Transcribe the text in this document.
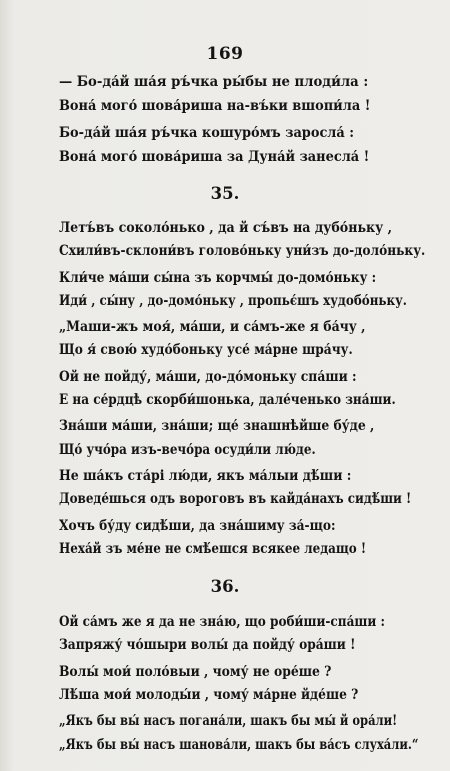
169
— Бо-да́й ша́я ръ́чка ры́бы не плоди́ла :
Вона́ мого́ шова́риша на-въ́ки вшопи́ла !
Бо-да́й ша́я ръ́чка кошуро́мъ заросла́ :
Вона́ мого́ шова́риша за Дуна́й занесла́ !
35.
Летъ́въ соколо́нько , да й съ́въ на дубо́ньку ,
Схили́въ-склони́въ голово́ньку уни́зъ до-доло́ньку.
Кли́че ма́ши сы́на зъ корчмы́ до-домо́ньку :
Иди́ , сы́ну , до-домо́ньку , пропьє́шъ худобо́ньку.
„Маши-жъ моя́, ма́ши, и са́мъ-же я ба́чу ,
Що я́ свою́ худо́боньку усе́ ма́рне шра́чу.
Ой не пойду́, ма́ши, до-до́моньку спа́ши :
Е на се́рдцѣ скорби́шонька, дале́ченько зна́ши.
Зна́ши ма́ши, зна́ши; ще́ знашнѣйше бу́де ,
Що́ учо́ра изъ-вечо́ра осуди́ли лю́де.
Не ша́къ ста́рі лю́ди, якъ ма́лыи дѣ́ши :
Доведе́шься одъ вороговъ въ кайда́нахъ сидѣ́ши !
Хочъ бу́ду сидѣ́ши, да зна́шиму за́-що:
Неха́й зъ ме́не не смѣ́ешся всякее ледащо !
36.
Ой са́мъ же я да не зна́ю, що роби́ши-спа́ши :
Запряжу́ чо́шыри волы́ да пойду́ ора́ши !
Волы́ мои́ поло́выи , чому́ не оре́ше ?
Лѣ́ша мои́ молоды́и , чому́ ма́рне йде́ше ?
„Якъ бы вы́ насъ погана́ли, шакъ бы мы́ й ора́ли!
„Якъ бы вы́ насъ шанова́ли, шакъ бы ва́съ слуха́ли.“
